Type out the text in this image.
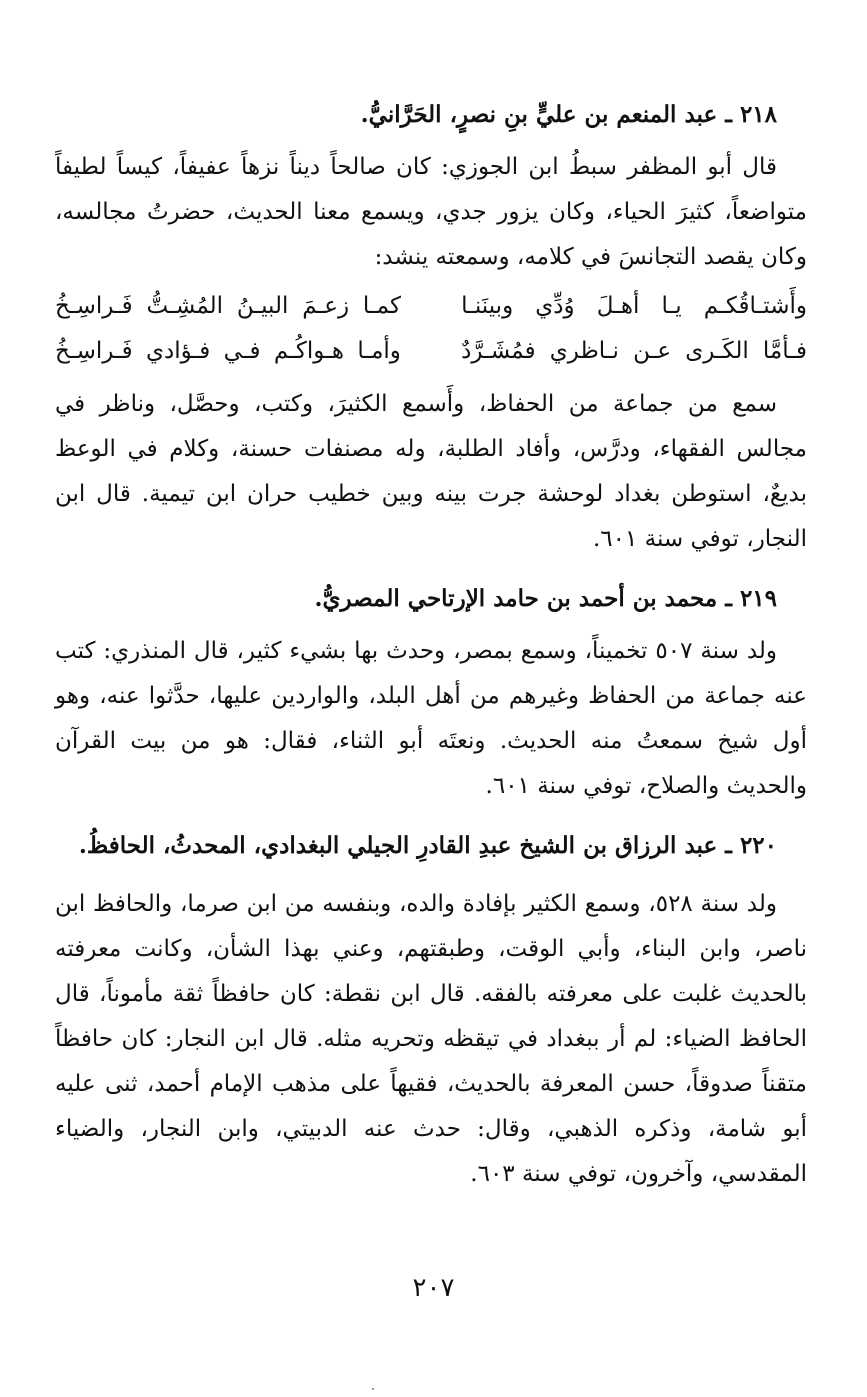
٢١٨ ـ عبد المنعم بن عليٍّ بنِ نصرٍ، الحَرَّانيُّ.

قال أبو المظفر سبطُ ابن الجوزي: كان صالحاً ديناً نزهاً عفيفاً، كيساً لطيفاً متواضعاً، كثيرَ الحياء، وكان يزور جدي، ويسمع معنا الحديث، حضرتُ مجالسه، وكان يقصد التجانسَ في كلامه، وسمعته ينشد:

وأَشتـاقُكـم يـا أهـلَ وُدِّي وبينَنـا
كمـا زعـمَ البيـنُ المُشِـتُّ فَـراسِـخُ
فـأمَّا الكَـرى عـن نـاظري فمُشَـرَّدٌ
وأمـا هـواكُـم فـي فـؤادي فَـراسِـخُ

سمع من جماعة من الحفاظ، وأَسمع الكثيرَ، وكتب، وحصَّل، وناظر في مجالس الفقهاء، ودرَّس، وأفاد الطلبة، وله مصنفات حسنة، وكلام في الوعظ بديعٌ، استوطن بغداد لوحشة جرت بينه وبين خطيب حران ابن تيمية. قال ابن النجار، توفي سنة ٦٠١.

٢١٩ ـ محمد بن أحمد بن حامد الإرتاحي المصريُّ.

ولد سنة ٥٠٧ تخميناً، وسمع بمصر، وحدث بها بشيء كثير، قال المنذري: كتب عنه جماعة من الحفاظ وغيرهم من أهل البلد، والواردين عليها، حدَّثوا عنه، وهو أول شيخ سمعتُ منه الحديث. ونعتَه أبو الثناء، فقال: هو من بيت القرآن والحديث والصلاح، توفي سنة ٦٠١.

٢٢٠ ـ عبد الرزاق بن الشيخ عبدِ القادرِ الجيلي البغدادي، المحدثُ، الحافظُ.

ولد سنة ٥٢٨، وسمع الكثير بإفادة والده، وبنفسه من ابن صرما، والحافظ ابن ناصر، وابن البناء، وأبي الوقت، وطبقتهم، وعني بهذا الشأن، وكانت معرفته بالحديث غلبت على معرفته بالفقه. قال ابن نقطة: كان حافظاً ثقة مأموناً، قال الحافظ الضياء: لم أر ببغداد في تيقظه وتحريه مثله. قال ابن النجار: كان حافظاً متقناً صدوقاً، حسن المعرفة بالحديث، فقيهاً على مذهب الإمام أحمد، ثنى عليه أبو شامة، وذكره الذهبي، وقال: حدث عنه الدبيتي، وابن النجار، والضياء المقدسي، وآخرون، توفي سنة ٦٠٣.

٢٠٧
